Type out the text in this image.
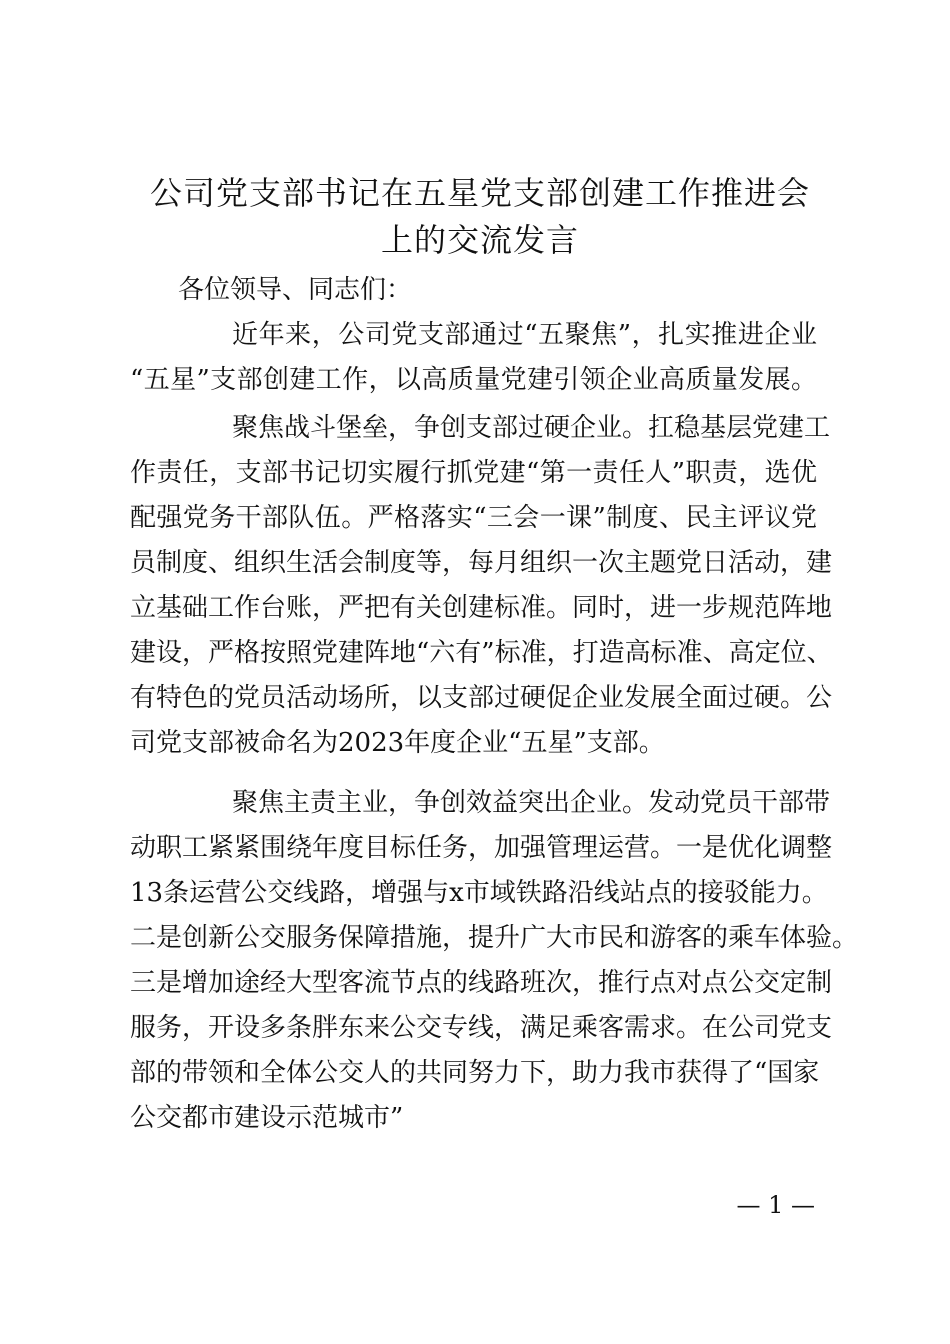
公司党支部书记在五星党支部创建工作推进会
上的交流发言
各位领导、同志们：
近年来，公司党支部通过“五聚焦”，扎实推进企业
“五星”支部创建工作，以高质量党建引领企业高质量发展。
聚焦战斗堡垒，争创支部过硬企业。扛稳基层党建工
作责任，支部书记切实履行抓党建“第一责任人”职责，选优
配强党务干部队伍。严格落实“三会一课”制度、民主评议党
员制度、组织生活会制度等，每月组织一次主题党日活动，建
立基础工作台账，严把有关创建标准。同时，进一步规范阵地
建设，严格按照党建阵地“六有”标准，打造高标准、高定位、
有特色的党员活动场所，以支部过硬促企业发展全面过硬。公
司党支部被命名为2023年度企业“五星”支部。
聚焦主责主业，争创效益突出企业。发动党员干部带
动职工紧紧围绕年度目标任务，加强管理运营。一是优化调整
13条运营公交线路，增强与x市域铁路沿线站点的接驳能力。
二是创新公交服务保障措施，提升广大市民和游客的乘车体验。
三是增加途经大型客流节点的线路班次，推行点对点公交定制
服务，开设多条胖东来公交专线，满足乘客需求。在公司党支
部的带领和全体公交人的共同努力下，助力我市获得了“国家
公交都市建设示范城市”
— 1 —
